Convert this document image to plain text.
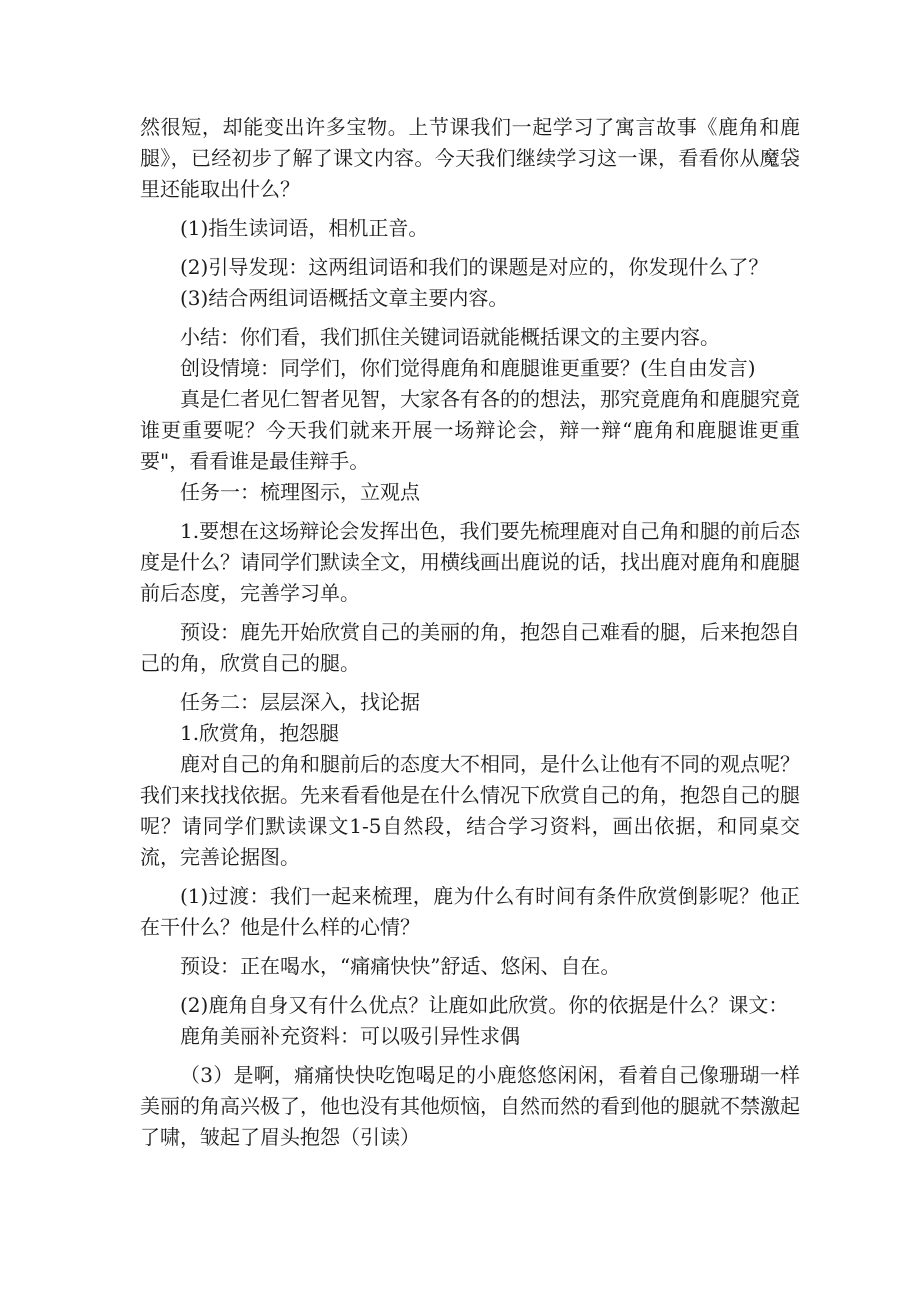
然很短，却能变出许多宝物。上节课我们一起学习了寓言故事《鹿角和鹿腿》，已经初步了解了课文内容。今天我们继续学习这一课，看看你从魔袋里还能取出什么？

(1)指生读词语，相机正音。

(2)引导发现：这两组词语和我们的课题是对应的，你发现什么了？

(3)结合两组词语概括文章主要内容。

小结：你们看，我们抓住关键词语就能概括课文的主要内容。

创设情境：同学们，你们觉得鹿角和鹿腿谁更重要？(生自由发言)

真是仁者见仁智者见智，大家各有各的的想法，那究竟鹿角和鹿腿究竟谁更重要呢？今天我们就来开展一场辩论会，辩一辩“鹿角和鹿腿谁更重要"，看看谁是最佳辩手。

任务一：梳理图示，立观点

1.要想在这场辩论会发挥出色，我们要先梳理鹿对自己角和腿的前后态度是什么？请同学们默读全文，用横线画出鹿说的话，找出鹿对鹿角和鹿腿前后态度，完善学习单。

预设：鹿先开始欣赏自己的美丽的角，抱怨自己难看的腿，后来抱怨自己的角，欣赏自己的腿。

任务二：层层深入，找论据

1.欣赏角，抱怨腿

鹿对自己的角和腿前后的态度大不相同，是什么让他有不同的观点呢？我们来找找依据。先来看看他是在什么情况下欣赏自己的角，抱怨自己的腿呢？请同学们默读课文1-5自然段，结合学习资料，画出依据，和同桌交流，完善论据图。

(1)过渡：我们一起来梳理，鹿为什么有时间有条件欣赏倒影呢？他正在干什么？他是什么样的心情？

预设：正在喝水，“痛痛快快”舒适、悠闲、自在。

(2)鹿角自身又有什么优点？让鹿如此欣赏。你的依据是什么？课文：

鹿角美丽补充资料：可以吸引异性求偶

（3）是啊，痛痛快快吃饱喝足的小鹿悠悠闲闲，看着自己像珊瑚一样美丽的角高兴极了，他也没有其他烦恼，自然而然的看到他的腿就不禁激起了啸，皱起了眉头抱怨（引读）
